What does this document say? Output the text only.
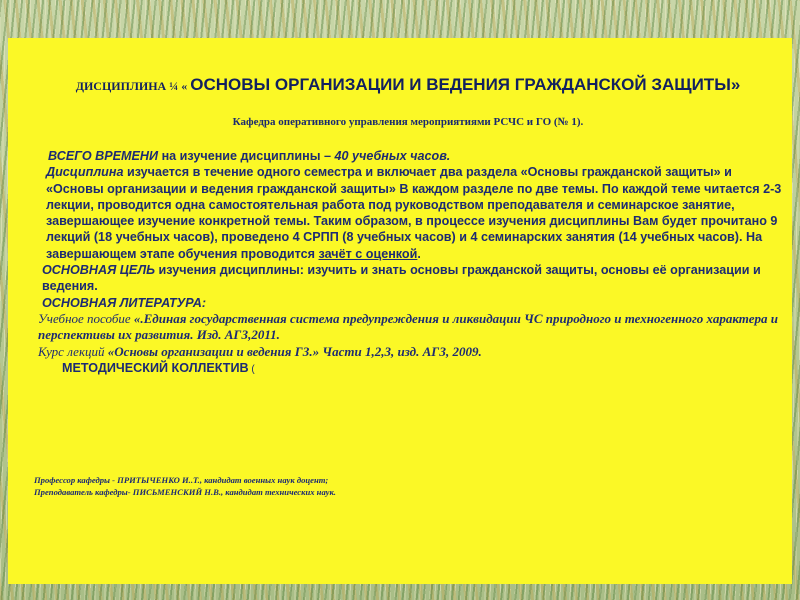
ДИСЦИПЛИНА ¼ « ОСНОВЫ ОРГАНИЗАЦИИ И ВЕДЕНИЯ ГРАЖДАНСКОЙ ЗАЩИТЫ»
Кафедра оперативного управления мероприятиями РСЧС и ГО (№ 1).

ВСЕГО ВРЕМЕНИ на изучение дисциплины – 40 учебных часов.

Дисциплина изучается в течение одного семестра и включает два раздела «Основы гражданской защиты» и «Основы организации и ведения гражданской защиты» В каждом разделе по две темы. По каждой теме читается 2-3 лекции, проводится одна самостоятельная работа под руководством преподавателя и семинарское занятие, завершающее изучение конкретной темы. Таким образом, в процессе изучения дисциплины Вам будет прочитано 9 лекций (18 учебных часов), проведено 4 СРПП (8 учебных часов) и 4 семинарских занятия (14 учебных часов). На завершающем этапе обучения проводится зачёт с оценкой.

ОСНОВНАЯ ЦЕЛЬ изучения дисциплины: изучить и знать основы гражданской защиты, основы её организации и ведения.

ОСНОВНАЯ ЛИТЕРАТУРА:

Учебное пособие «.Единая государственная система предупреждения и ликвидации ЧС природного и техногенного характера и перспективы их развития. Изд. АГЗ,2011.

Курс лекций «Основы организации и ведения ГЗ.» Части 1,2,3, изд. АГЗ, 2009.

МЕТОДИЧЕСКИЙ КОЛЛЕКТИВ (

Профессор кафедры - ПРИТЫЧЕНКО И..Т., кандидат военных наук доцент;
Преподаватель кафедры- ПИСЬМЕНСКИЙ Н.В., кандидат технических наук.
